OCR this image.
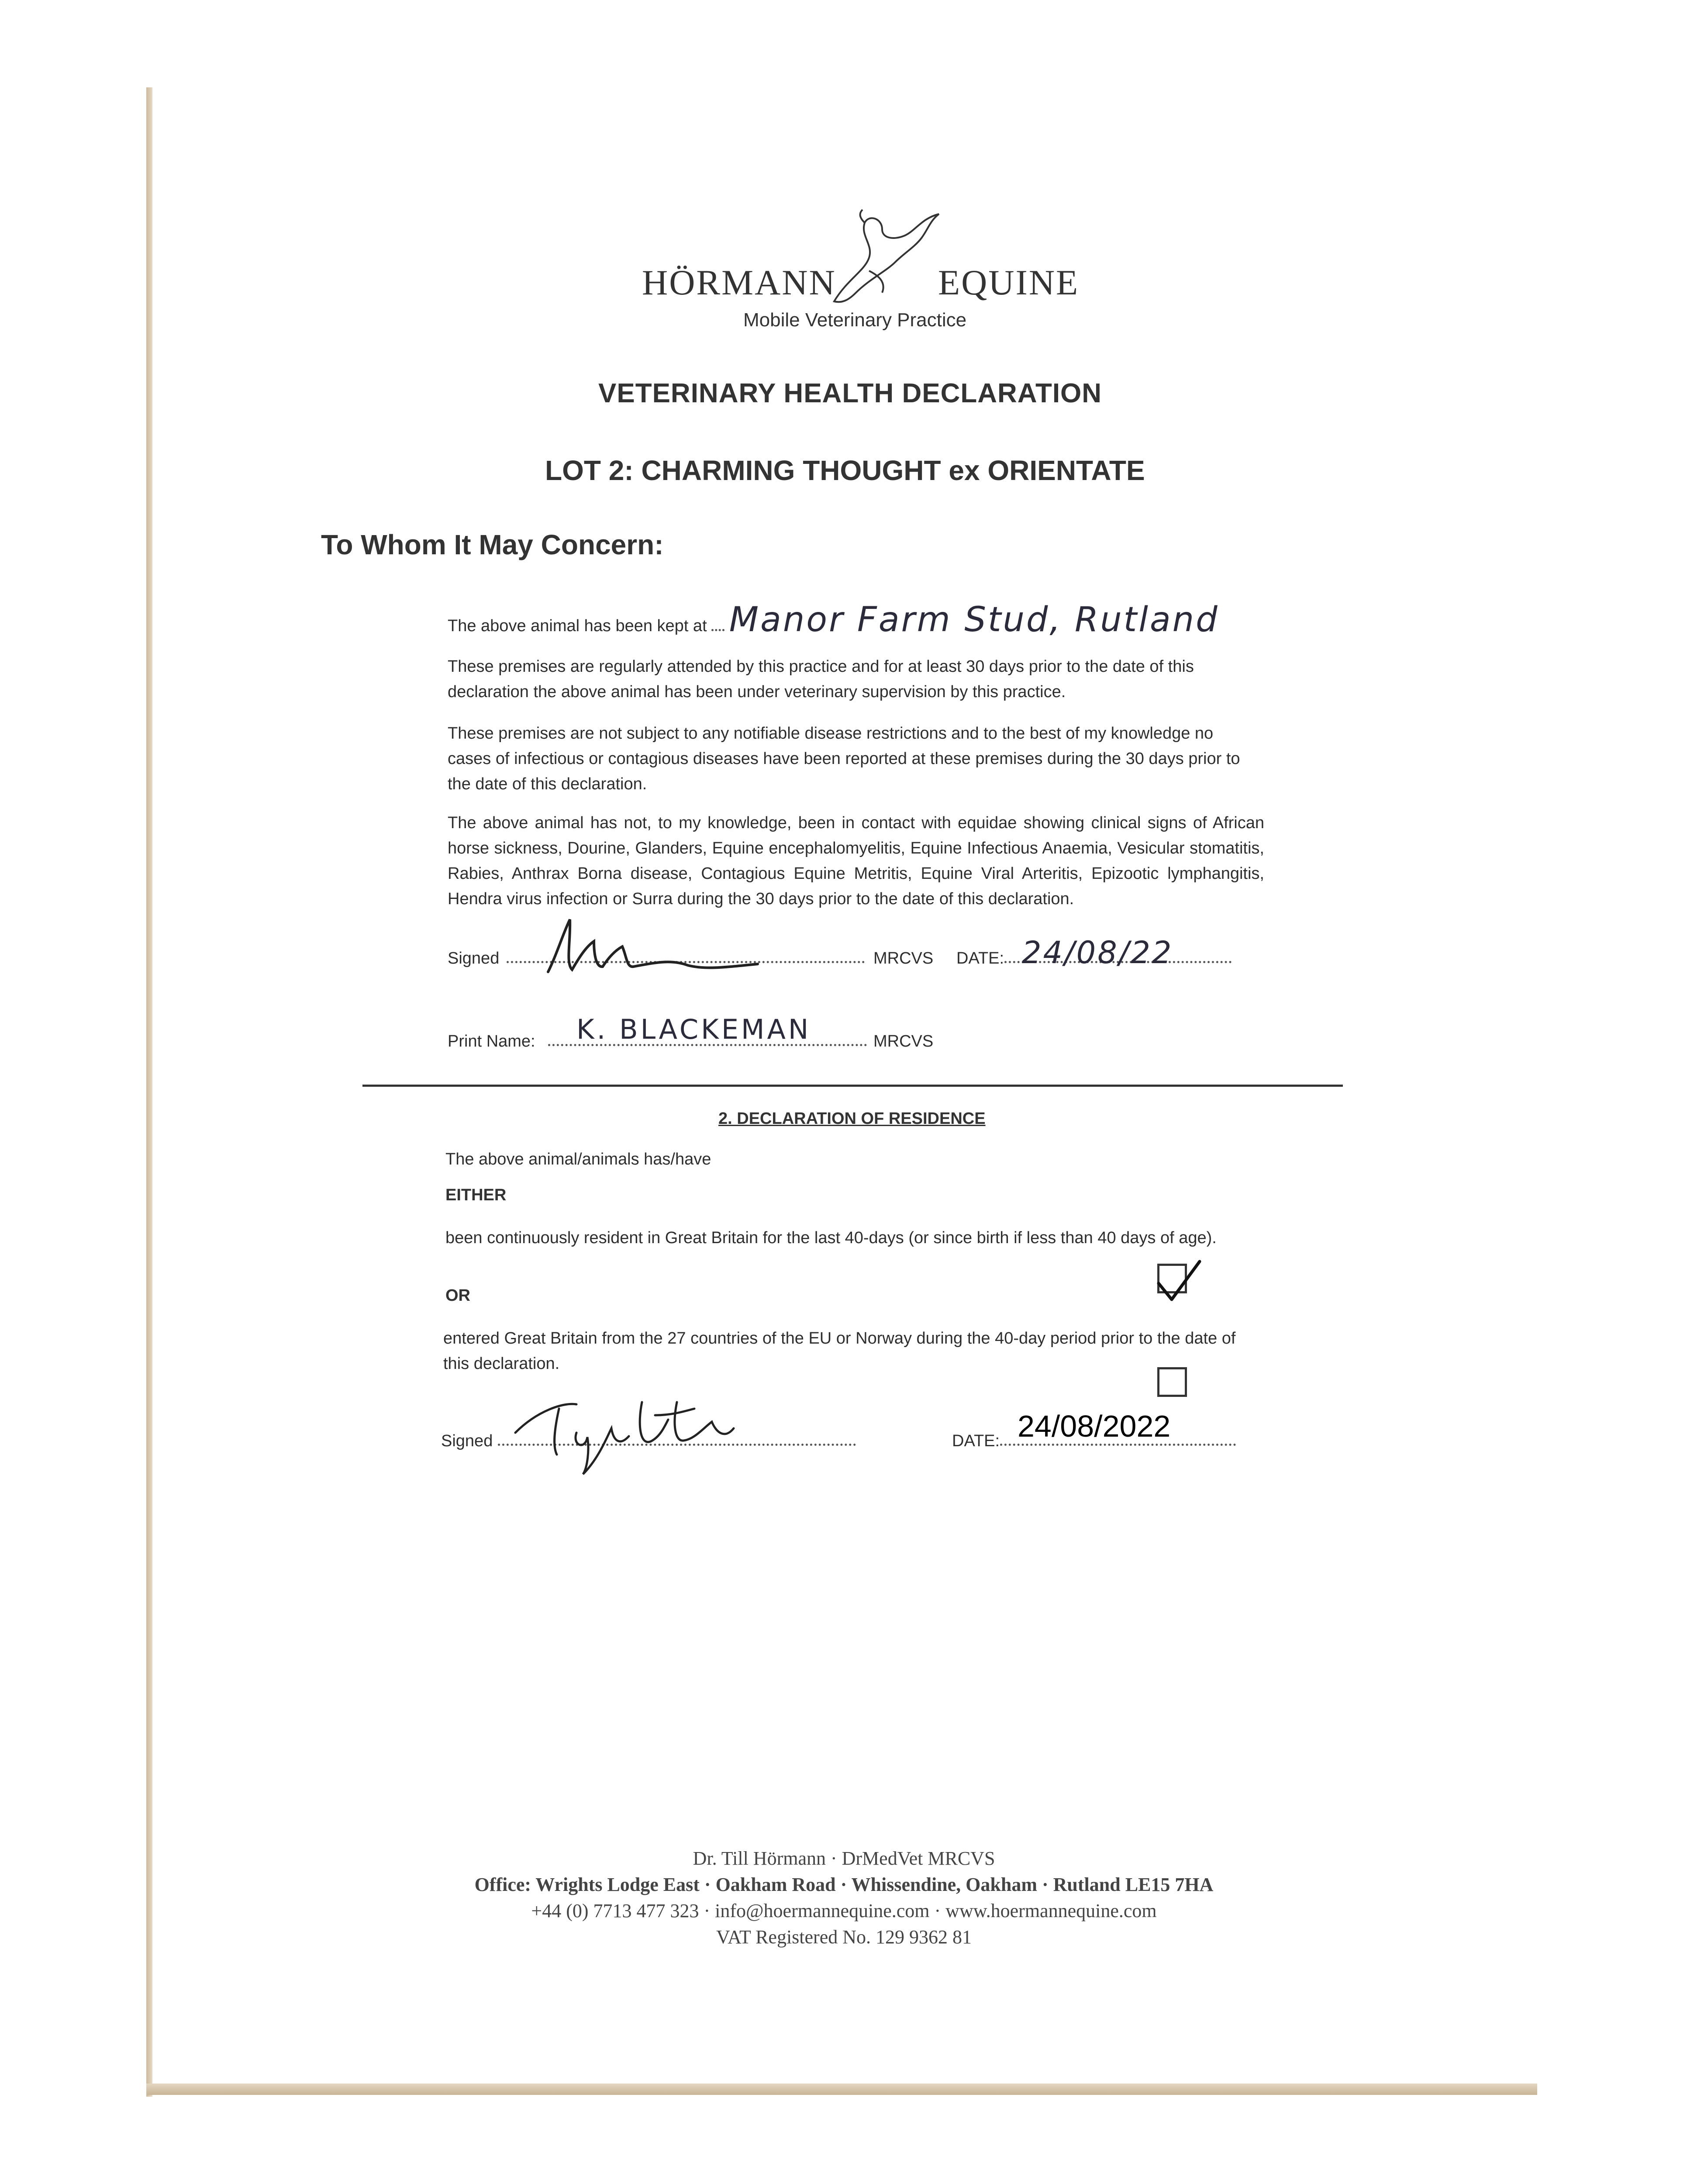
HÖRMANN	EQUINE
Mobile Veterinary Practice
VETERINARY HEALTH DECLARATION
LOT 2: CHARMING THOUGHT ex ORIENTATE
To Whom It May Concern:
The above animal has been kept at Manor Farm Stud, Rutland
These premises are regularly attended by this practice and for at least 30 days prior to the date of this declaration the above animal has been under veterinary supervision by this practice.
These premises are not subject to any notifiable disease restrictions and to the best of my knowledge no cases of infectious or contagious diseases have been reported at these premises during the 30 days prior to the date of this declaration.
The above animal has not, to my knowledge, been in contact with equidae showing clinical signs of African horse sickness, Dourine, Glanders, Equine encephalomyelitis, Equine Infectious Anaemia, Vesicular stomatitis, Rabies, Anthrax Borna disease, Contagious Equine Metritis, Equine Viral Arteritis, Epizootic lymphangitis, Hendra virus infection or Surra during the 30 days prior to the date of this declaration.
Signed	MRCVS DATE: 24/08/22
Print Name: K. BLACKEMAN	MRCVS
2. DECLARATION OF RESIDENCE
The above animal/animals has/have
EITHER
been continuously resident in Great Britain for the last 40-days (or since birth if less than 40 days of age).
OR
entered Great Britain from the 27 countries of the EU or Norway during the 40-day period prior to the date of this declaration.
Signed	DATE: 24/08/2022
Dr. Till Hörmann · DrMedVet MRCVS
Office: Wrights Lodge East · Oakham Road · Whissendine, Oakham · Rutland LE15 7HA
+44 (0) 7713 477 323 · info@hoermannequine.com · www.hoermannequine.com
VAT Registered No. 129 9362 81
